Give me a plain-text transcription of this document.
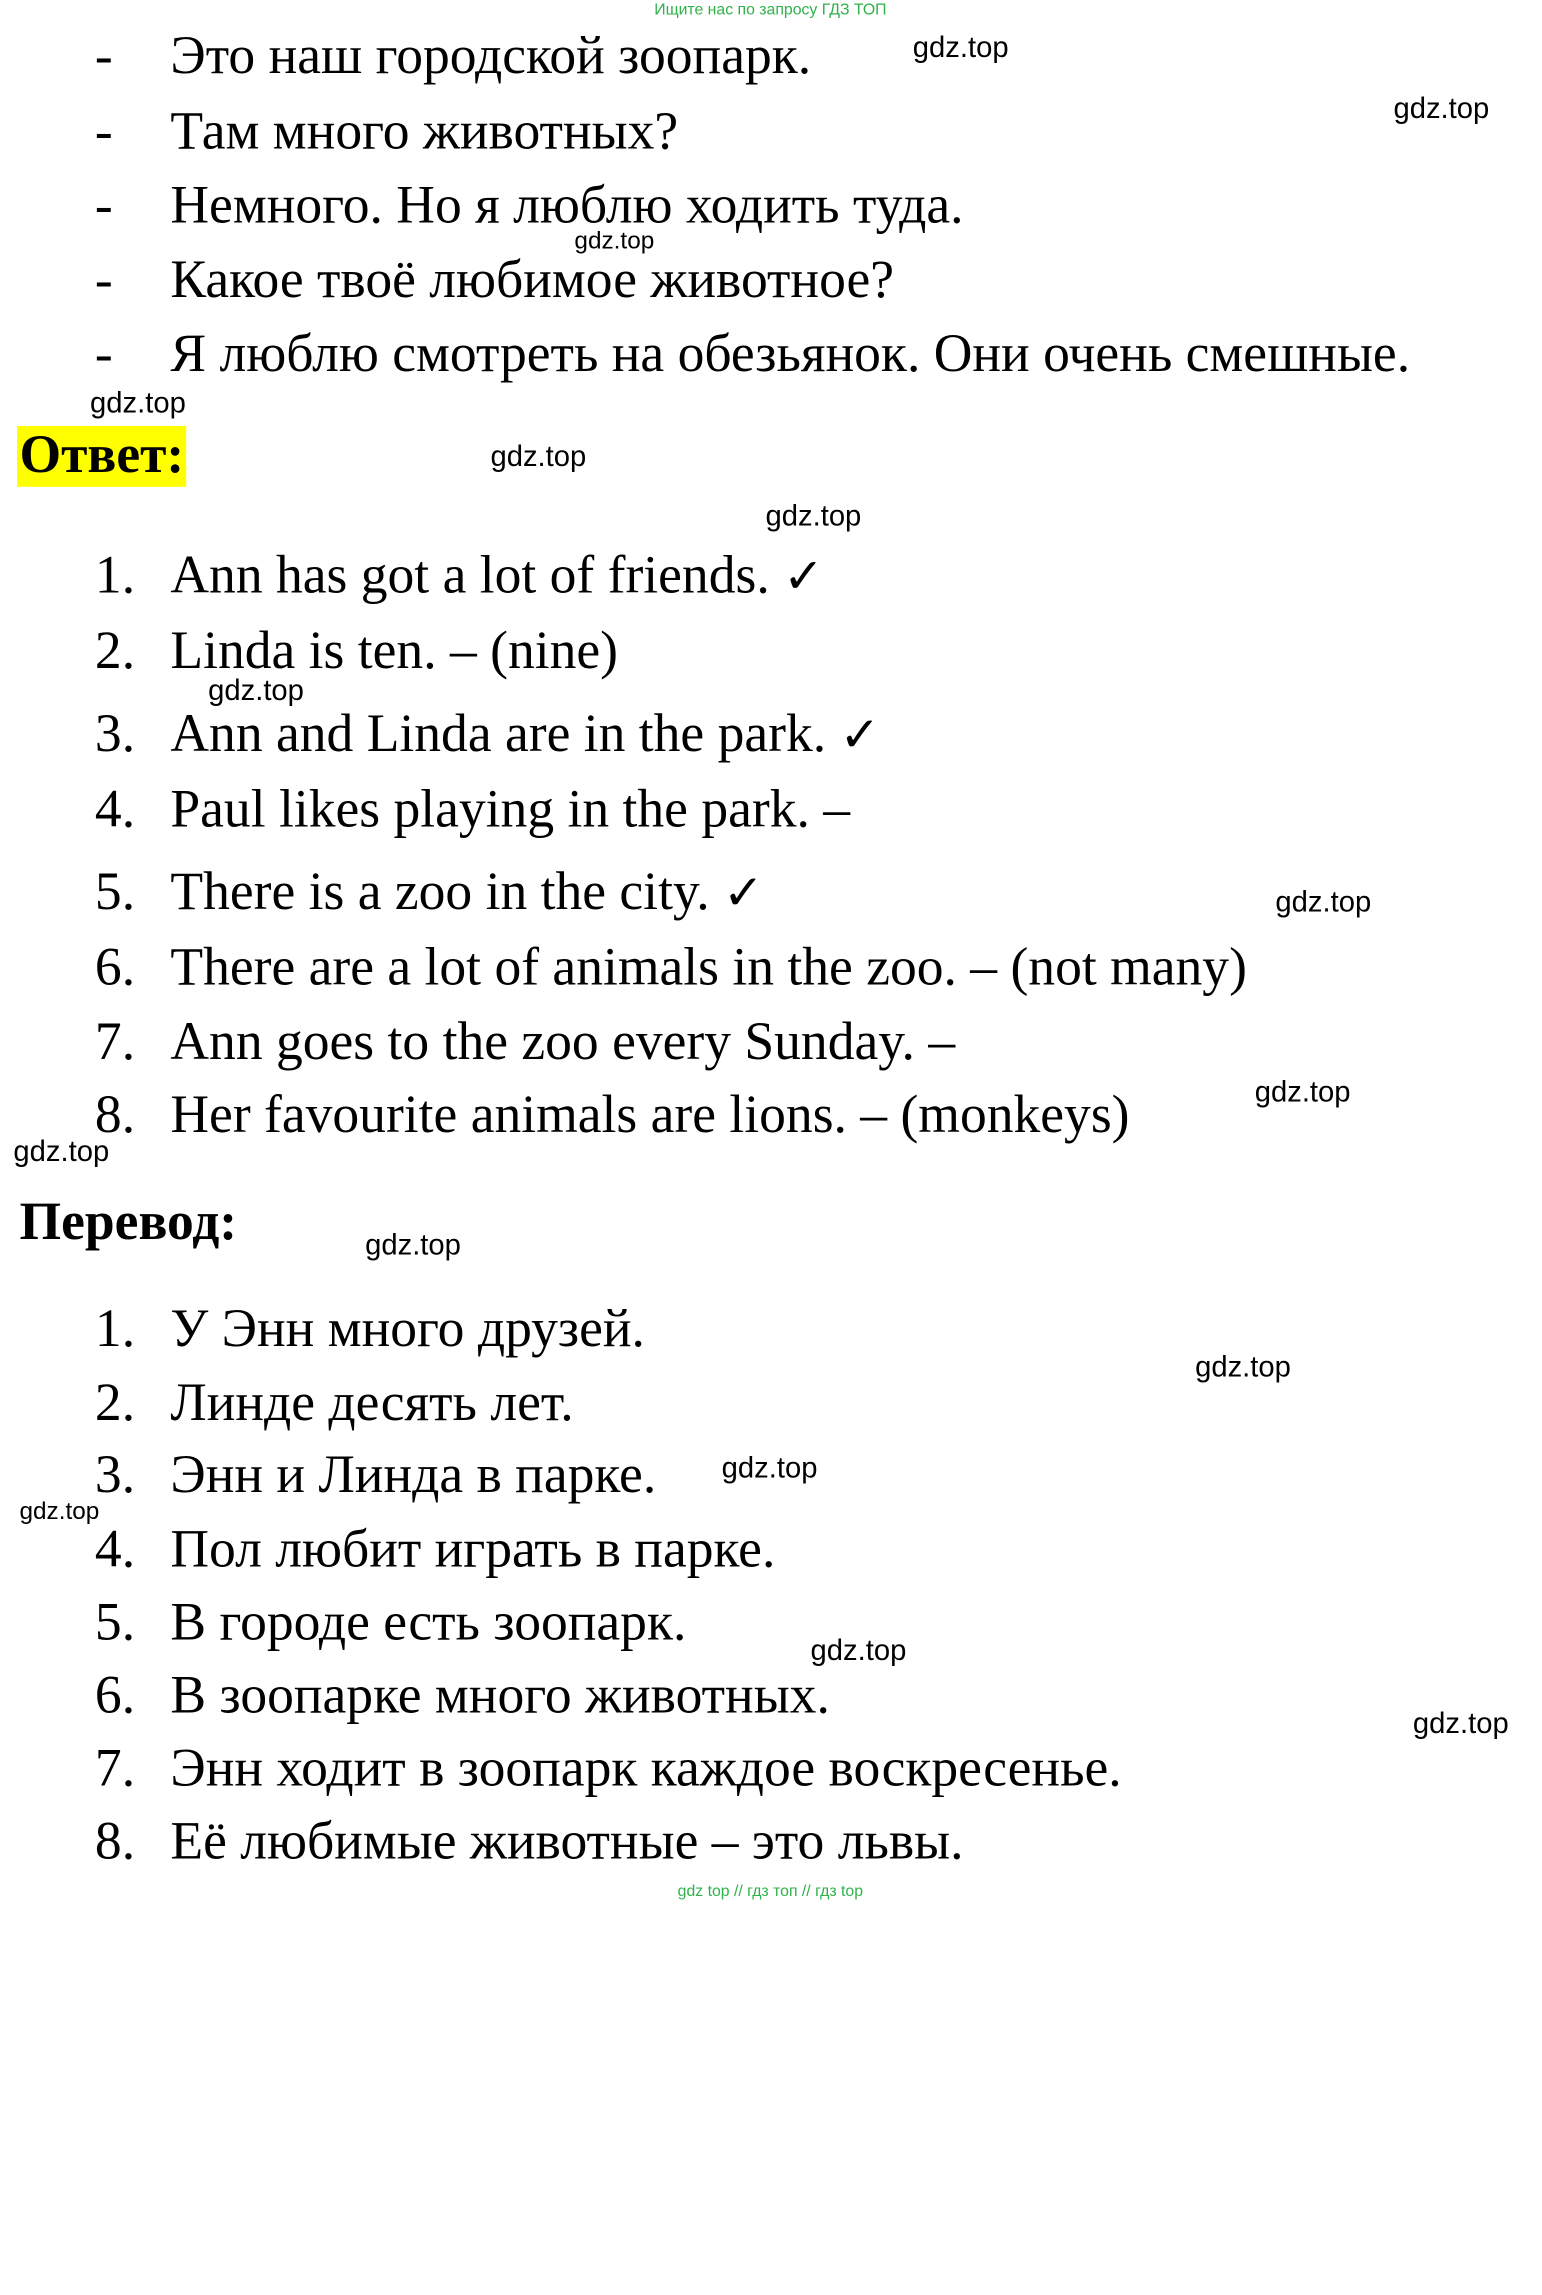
Ищите нас по запросу ГДЗ ТОП
- Это наш городской зоопарк.
- Там много животных?
- Немного. Но я люблю ходить туда.
- Какое твоё любимое животное?
- Я люблю смотреть на обезьянок. Они очень смешные.
Ответ:
1. Ann has got a lot of friends. ✓
2. Linda is ten. – (nine)
3. Ann and Linda are in the park. ✓
4. Paul likes playing in the park. –
5. There is a zoo in the city. ✓
6. There are a lot of animals in the zoo. – (not many)
7. Ann goes to the zoo every Sunday. –
8. Her favourite animals are lions. – (monkeys)
Перевод:
1. У Энн много друзей.
2. Линде десять лет.
3. Энн и Линда в парке.
4. Пол любит играть в парке.
5. В городе есть зоопарк.
6. В зоопарке много животных.
7. Энн ходит в зоопарк каждое воскресенье.
8. Её любимые животные – это львы.
gdz.top
gdz.top
gdz.top
gdz.top
gdz.top
gdz.top
gdz.top
gdz.top
gdz.top
gdz.top
gdz.top
gdz.top
gdz.top
gdz.top
gdz.top
gdz.top
gdz top // гдз топ // гдз top
